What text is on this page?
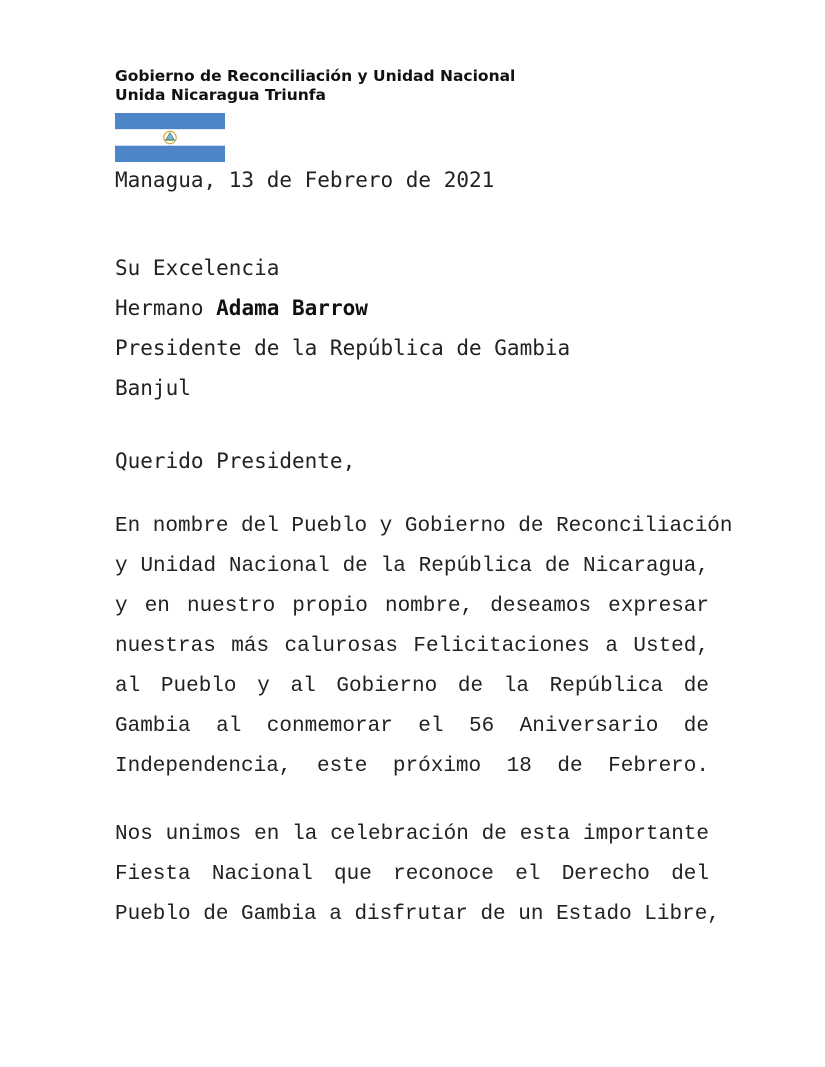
Gobierno de Reconciliación y Unidad Nacional
Unida Nicaragua Triunfa
Managua, 13 de Febrero de 2021
Su Excelencia
Hermano Adama Barrow
Presidente de la República de Gambia
Banjul
Querido Presidente,
En nombre del Pueblo y Gobierno de Reconciliación
y Unidad Nacional de la República de Nicaragua,
y en nuestro propio nombre, deseamos expresar
nuestras más calurosas Felicitaciones a Usted,
al Pueblo y al Gobierno de la República de
Gambia al conmemorar el 56 Aniversario de
Independencia, este próximo 18 de Febrero.
Nos unimos en la celebración de esta importante
Fiesta Nacional que reconoce el Derecho del
Pueblo de Gambia a disfrutar de un Estado Libre,
